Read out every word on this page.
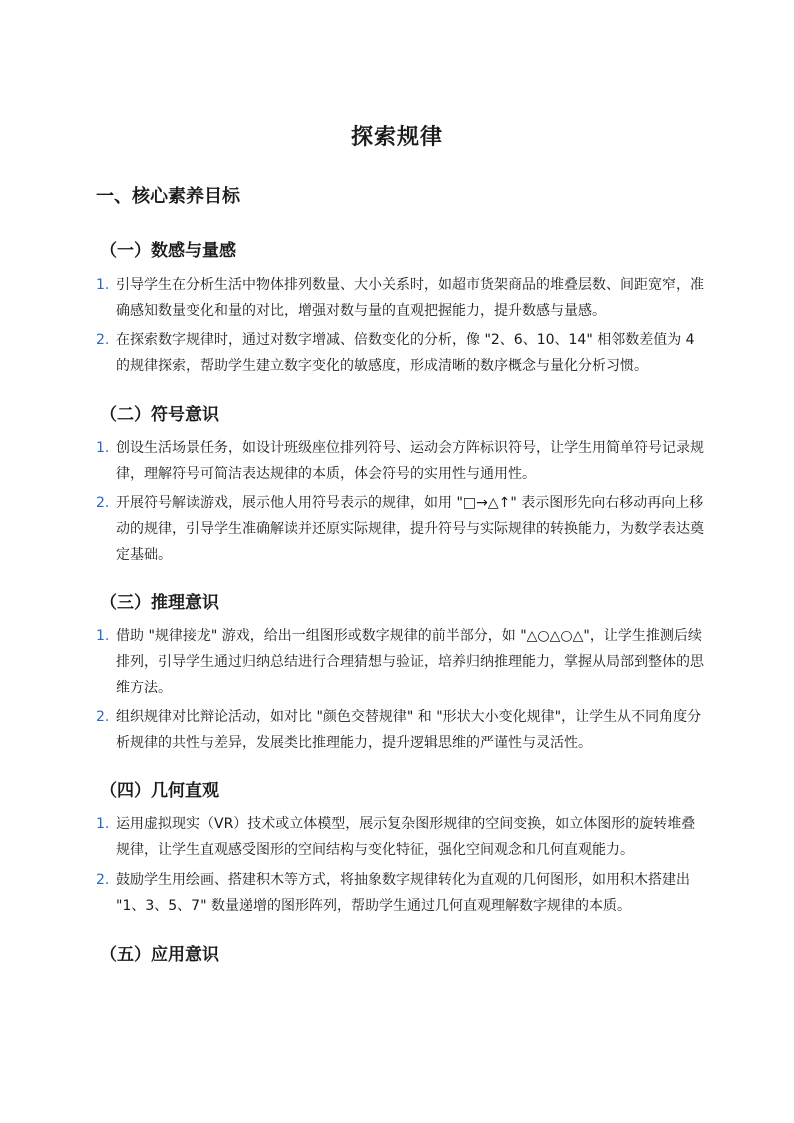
探索规律
一、核心素养目标
（一）数感与量感

1. 引导学生在分析生活中物体排列数量、大小关系时，如超市货架商品的堆叠层数、间距宽窄，准确感知数量变化和量的对比，增强对数与量的直观把握能力，提升数感与量感。

2. 在探索数字规律时，通过对数字增减、倍数变化的分析，像 "2、6、10、14" 相邻数差值为 4 的规律探索，帮助学生建立数字变化的敏感度，形成清晰的数序概念与量化分析习惯。

（二）符号意识

1. 创设生活场景任务，如设计班级座位排列符号、运动会方阵标识符号，让学生用简单符号记录规律，理解符号可简洁表达规律的本质，体会符号的实用性与通用性。

2. 开展符号解读游戏，展示他人用符号表示的规律，如用 "□→△↑" 表示图形先向右移动再向上移动的规律，引导学生准确解读并还原实际规律，提升符号与实际规律的转换能力，为数学表达奠定基础。

（三）推理意识

1. 借助 "规律接龙" 游戏，给出一组图形或数字规律的前半部分，如 "△○△○△"，让学生推测后续排列，引导学生通过归纳总结进行合理猜想与验证，培养归纳推理能力，掌握从局部到整体的思维方法。

2. 组织规律对比辩论活动，如对比 "颜色交替规律" 和 "形状大小变化规律"，让学生从不同角度分析规律的共性与差异，发展类比推理能力，提升逻辑思维的严谨性与灵活性。

（四）几何直观

1. 运用虚拟现实（VR）技术或立体模型，展示复杂图形规律的空间变换，如立体图形的旋转堆叠规律，让学生直观感受图形的空间结构与变化特征，强化空间观念和几何直观能力。

2. 鼓励学生用绘画、搭建积木等方式，将抽象数字规律转化为直观的几何图形，如用积木搭建出 "1、3、5、7" 数量递增的图形阵列，帮助学生通过几何直观理解数字规律的本质。

（五）应用意识
